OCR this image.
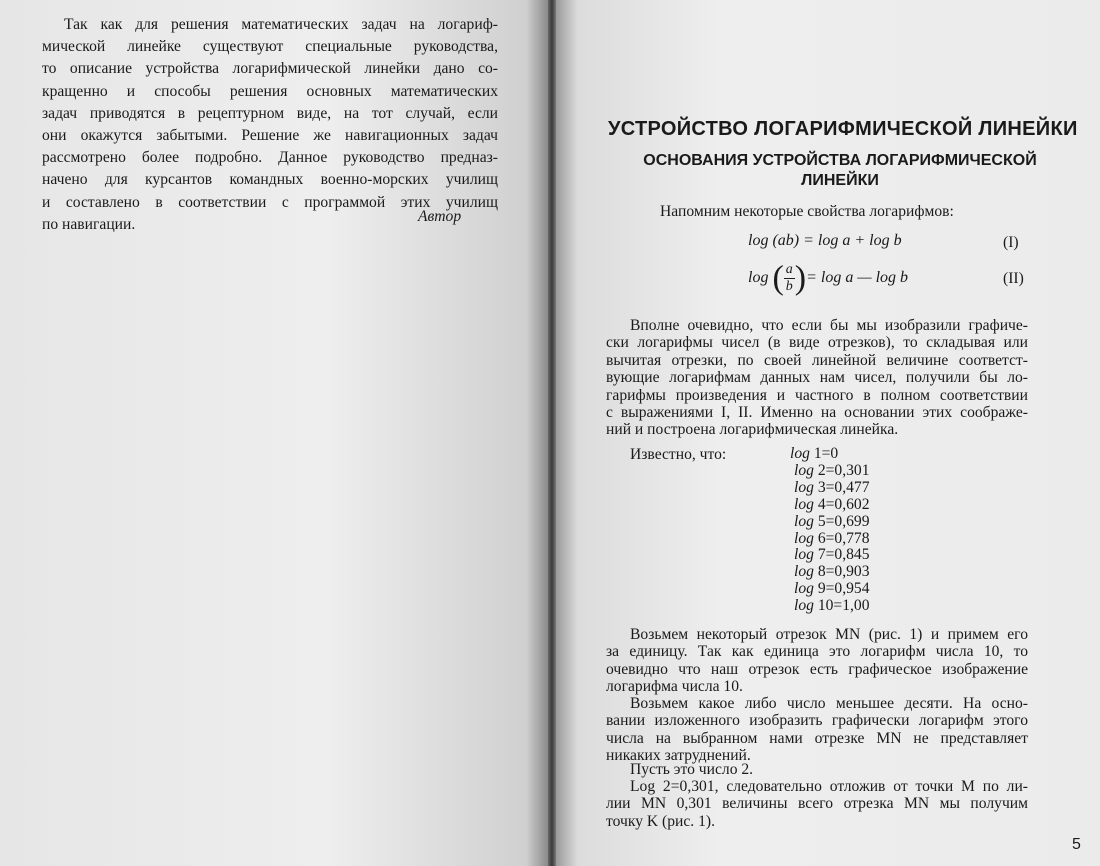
Так как для решения математических задач на логариф-
мической линейке существуют специальные руководства,
то описание устройства логарифмической линейки дано со-
кращенно и способы решения основных математических
задач приводятся в рецептурном виде, на тот случай, если
они окажутся забытыми. Решение же навигационных задач
рассмотрено более подробно. Данное руководство предназ-
начено для курсантов командных военно-морских училищ
и составлено в соответствии с программой этих училищ
по навигации.	Автор
УСТРОЙСТВО ЛОГАРИФМИЧЕСКОЙ ЛИНЕЙКИ
ОСНОВАНИЯ УСТРОЙСТВА ЛОГАРИФМИЧЕСКОЙ
ЛИНЕЙКИ
Напомним некоторые свойства логарифмов:
log (ab) = log a + log b	(I)
log ( $\frac{a}{b}$ )= log a — log b	(II)
Вполне очевидно, что если бы мы изобразили графиче-
ски логарифмы чисел (в виде отрезков), то складывая или
вычитая отрезки, по своей линейной величине соответст-
вующие логарифмам данных нам чисел, получили бы ло-
гарифмы произведения и частного в полном соответствии
с выражениями I, II. Именно на основании этих соображе-
ний и построена логарифмическая линейка.
Известно, что:	log 1=0
log 2=0,301
log 3=0,477
log 4=0,602
log 5=0,699
log 6=0,778
log 7=0,845
log 8=0,903
log 9=0,954
log 10=1,00
Возьмем некоторый отрезок MN (рис. 1) и примем его
за единицу. Так как единица это логарифм числа 10, то
очевидно что наш отрезок есть графическое изображение
логарифма числа 10.
Возьмем какое либо число меньшее десяти. На осно-
вании изложенного изобразить графически логарифм этого
числа на выбранном нами отрезке MN не представляет
никаких затруднений.
Пусть это число 2.
Log 2=0,301, следовательно отложив от точки M по ли-
лии MN 0,301 величины всего отрезка MN мы получим
точку K (рис. 1).
5
